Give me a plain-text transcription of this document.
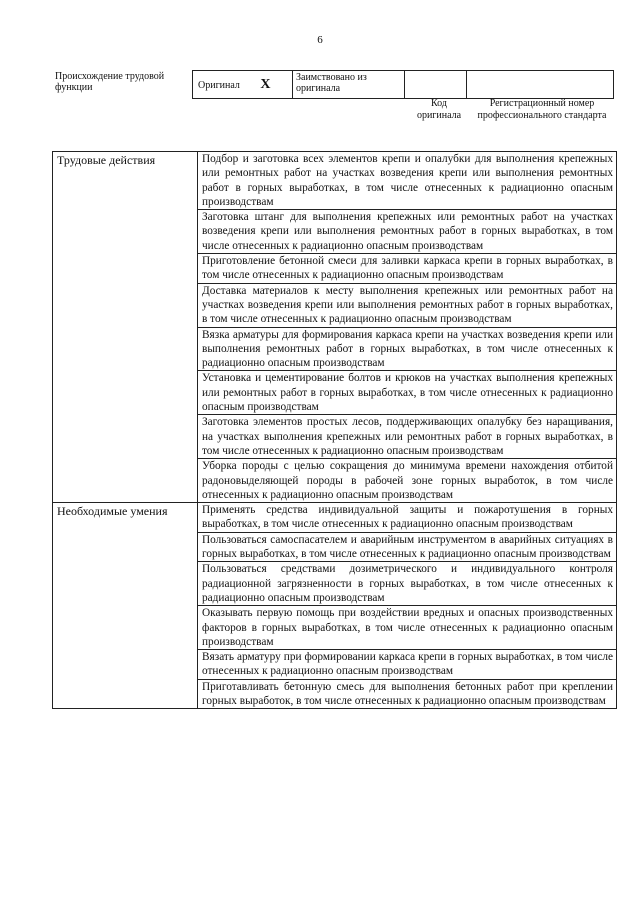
6
Происхождение трудовой функции	Оригинал X	Заимствовано из оригинала		
Код оригинала
Регистрационный номер профессионального стандарта
Трудовые действия	Подбор и заготовка всех элементов крепи и опалубки для выполнения крепежных или ремонтных работ на участках возведения крепи или выполнения ремонтных работ в горных выработках, в том числе отнесенных к радиационно опасным производствам
	Заготовка штанг для выполнения крепежных или ремонтных работ на участках возведения крепи или выполнения ремонтных работ в горных выработках, в том числе отнесенных к радиационно опасным производствам
	Приготовление бетонной смеси для заливки каркаса крепи в горных выработках, в том числе отнесенных к радиационно опасным производствам
	Доставка материалов к месту выполнения крепежных или ремонтных работ на участках возведения крепи или выполнения ремонтных работ в горных выработках, в том числе отнесенных к радиационно опасным производствам
	Вязка арматуры для формирования каркаса крепи на участках возведения крепи или выполнения ремонтных работ в горных выработках, в том числе отнесенных к радиационно опасным производствам
	Установка и цементирование болтов и крюков на участках выполнения крепежных или ремонтных работ в горных выработках, в том числе отнесенных к радиационно опасным производствам
	Заготовка элементов простых лесов, поддерживающих опалубку без наращивания, на участках выполнения крепежных или ремонтных работ в горных выработках, в том числе отнесенных к радиационно опасным производствам
	Уборка породы с целью сокращения до минимума времени нахождения отбитой радоновыделяющей породы в рабочей зоне горных выработок, в том числе отнесенных к радиационно опасным производствам
Необходимые умения	Применять средства индивидуальной защиты и пожаротушения в горных выработках, в том числе отнесенных к радиационно опасным производствам
	Пользоваться самоспасателем и аварийным инструментом в аварийных ситуациях в горных выработках, в том числе отнесенных к радиационно опасным производствам
	Пользоваться средствами дозиметрического и индивидуального контроля радиационной загрязненности в горных выработках, в том числе отнесенных к радиационно опасным производствам
	Оказывать первую помощь при воздействии вредных и опасных производственных факторов в горных выработках, в том числе отнесенных к радиационно опасным производствам
	Вязать арматуру при формировании каркаса крепи в горных выработках, в том числе отнесенных к радиационно опасным производствам
	Приготавливать бетонную смесь для выполнения бетонных работ при креплении горных выработок, в том числе отнесенных к радиационно опасным производствам
